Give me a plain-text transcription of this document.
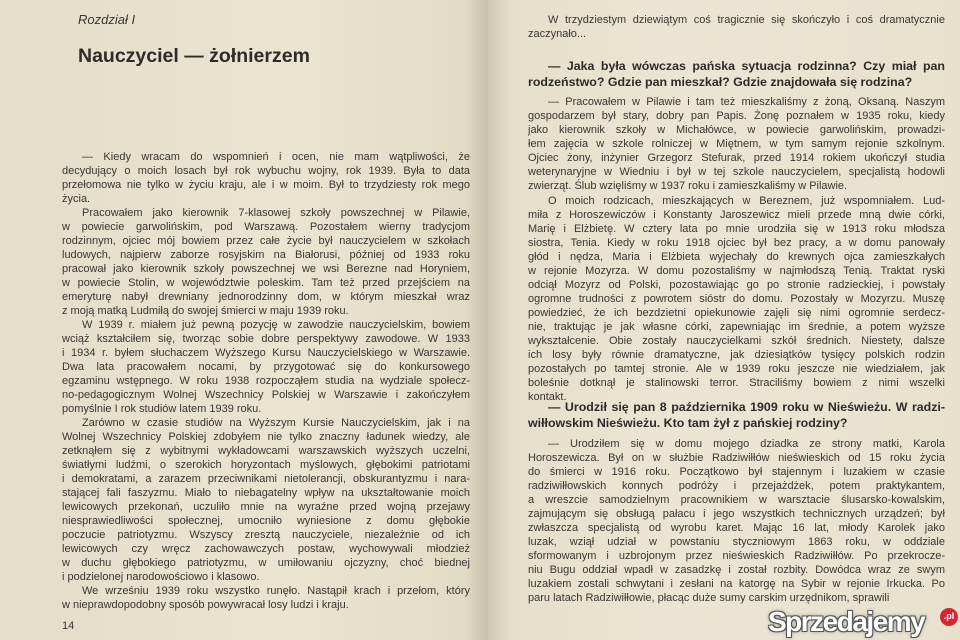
Rozdział I
Nauczyciel — żołnierzem
— Kiedy wracam do wspomnień i ocen, nie mam wątpliwości, że
decydujący o moich losach był rok wybuchu wojny, rok 1939. Była to data
przełomowa nie tylko w życiu kraju, ale i w moim. Był to trzydziesty rok mego
życia.
Pracowałem jako kierownik 7-klasowej szkoły powszechnej w Pilawie,
w powiecie garwolińskim, pod Warszawą. Pozostałem wierny tradycjom
rodzinnym, ojciec mój bowiem przez całe życie był nauczycielem w szkołach
ludowych, najpierw zaborze rosyjskim na Białorusi, później od 1933 roku
pracował jako kierownik szkoły powszechnej we wsi Berezne nad Horyniem,
w powiecie Stolin, w województwie poleskim. Tam też przed przejściem na
emeryturę nabył drewniany jednorodzinny dom, w którym mieszkał wraz
z moją matką Ludmiłą do swojej śmierci w maju 1939 roku.
W 1939 r. miałem już pewną pozycję w zawodzie nauczycielskim, bowiem
wciąż kształciłem się, tworząc sobie dobre perspektywy zawodowe. W 1933
i 1934 r. byłem słuchaczem Wyższego Kursu Nauczycielskiego w Warszawie.
Dwa lata pracowałem nocami, by przygotować się do konkursowego
egzaminu wstępnego. W roku 1938 rozpocząłem studia na wydziale społecz-
no-pedagogicznym Wolnej Wszechnicy Polskiej w Warszawie i zakończyłem
pomyślnie I rok studiów latem 1939 roku.
Zarówno w czasie studiów na Wyższym Kursie Nauczycielskim, jak i na
Wolnej Wszechnicy Polskiej zdobyłem nie tylko znaczny ładunek wiedzy, ale
zetknąłem się z wybitnymi wykładowcami warszawskich wyższych uczelni,
światłymi ludźmi, o szerokich horyzontach myślowych, głębokimi patriotami
i demokratami, a zarazem przeciwnikami nietolerancji, obskurantyzmu i nara-
stającej fali faszyzmu. Miało to niebagatelny wpływ na ukształtowanie moich
lewicowych przekonań, uczuliło mnie na wyraźne przed wojną przejawy
niesprawiedliwości społecznej, umocniło wyniesione z domu głębokie
poczucie patriotyzmu. Wszyscy zresztą nauczyciele, niezależnie od ich
lewicowych czy wręcz zachowawczych postaw, wychowywali młodzież
w duchu głębokiego patriotyzmu, w umiłowaniu ojczyzny, choć biednej
i podzielonej narodowościowo i klasowo.
We wrześniu 1939 roku wszystko runęło. Nastąpił krach i przełom, który
w nieprawdopodobny sposób powywracał losy ludzi i kraju.
14
W trzydziestym dziewiątym coś tragicznie się skończyło i coś dramatycznie
zaczynało...
— Jaka była wówczas pańska sytuacja rodzinna? Czy miał pan
rodzeństwo? Gdzie pan mieszkał? Gdzie znajdowała się rodzina?
— Pracowałem w Pilawie i tam też mieszkaliśmy z żoną, Oksaną. Naszym
gospodarzem był stary, dobry pan Papis. Żonę poznałem w 1935 roku, kiedy
jako kierownik szkoły w Michałówce, w powiecie garwolińskim, prowadzi-
łem zajęcia w szkole rolniczej w Miętnem, w tym samym rejonie szkolnym.
Ojciec żony, inżynier Grzegorz Stefurak, przed 1914 rokiem ukończył studia
weterynaryjne w Wiedniu i był w tej szkole nauczycielem, specjalistą hodowli
zwierząt. Ślub wzięliśmy w 1937 roku i zamieszkaliśmy w Pilawie.
O moich rodzicach, mieszkających w Bereznem, już wspomniałem. Lud-
miła z Horoszewiczów i Konstanty Jaroszewicz mieli przede mną dwie córki,
Marię i Elżbietę. W cztery lata po mnie urodziła się w 1913 roku młodsza
siostra, Tenia. Kiedy w roku 1918 ojciec był bez pracy, a w domu panowały
głód i nędza, Maria i Elżbieta wyjechały do krewnych ojca zamieszkałych
w rejonie Mozyrza. W domu pozostaliśmy w najmłodszą Tenią. Traktat ryski
odciął Mozyrz od Polski, pozostawiając go po stronie radzieckiej, i powstały
ogromne trudności z powrotem sióstr do domu. Pozostały w Mozyrzu. Muszę
powiedzieć, że ich bezdzietni opiekunowie zajęli się nimi ogromnie serdecz-
nie, traktując je jak własne córki, zapewniając im średnie, a potem wyższe
wykształcenie. Obie zostały nauczycielkami szkół średnich. Niestety, dalsze
ich losy były równie dramatyczne, jak dziesiątków tysięcy polskich rodzin
pozostałych po tamtej stronie. Ale w 1939 roku jeszcze nie wiedziałem, jak
boleśnie dotknął je stalinowski terror. Straciliśmy bowiem z nimi wszelki
kontakt.
— Urodził się pan 8 października 1909 roku w Nieświeżu. W radzi-
wiłłowskim Nieświeżu. Kto tam żył z pańskiej rodziny?
— Urodziłem się w domu mojego dziadka ze strony matki, Karola
Horoszewicza. Był on w służbie Radziwiłłów nieświeskich od 15 roku życia
do śmierci w 1916 roku. Początkowo był stajennym i luzakiem w czasie
radziwiłłowskich konnych podróży i przejażdżek, potem praktykantem,
a wreszcie samodzielnym pracownikiem w warsztacie ślusarsko-kowalskim,
zajmującym się obsługą pałacu i jego wszystkich technicznych urządzeń; był
zwłaszcza specjalistą od wyrobu karet. Mając 16 lat, młody Karolek jako
luzak, wziął udział w powstaniu styczniowym 1863 roku, w oddziale
sformowanym i uzbrojonym przez nieświeskich Radziwiłłów. Po przekrocze-
niu Bugu oddział wpadł w zasadzkę i został rozbity. Dowódca wraz ze swym
luzakiem zostali schwytani i zesłani na katorgę na Sybir w rejonie Irkucka. Po
paru latach Radziwiłłowie, płacąc duże sumy carskim urzędnikom, sprawili
Sprzedajemy	.pl
